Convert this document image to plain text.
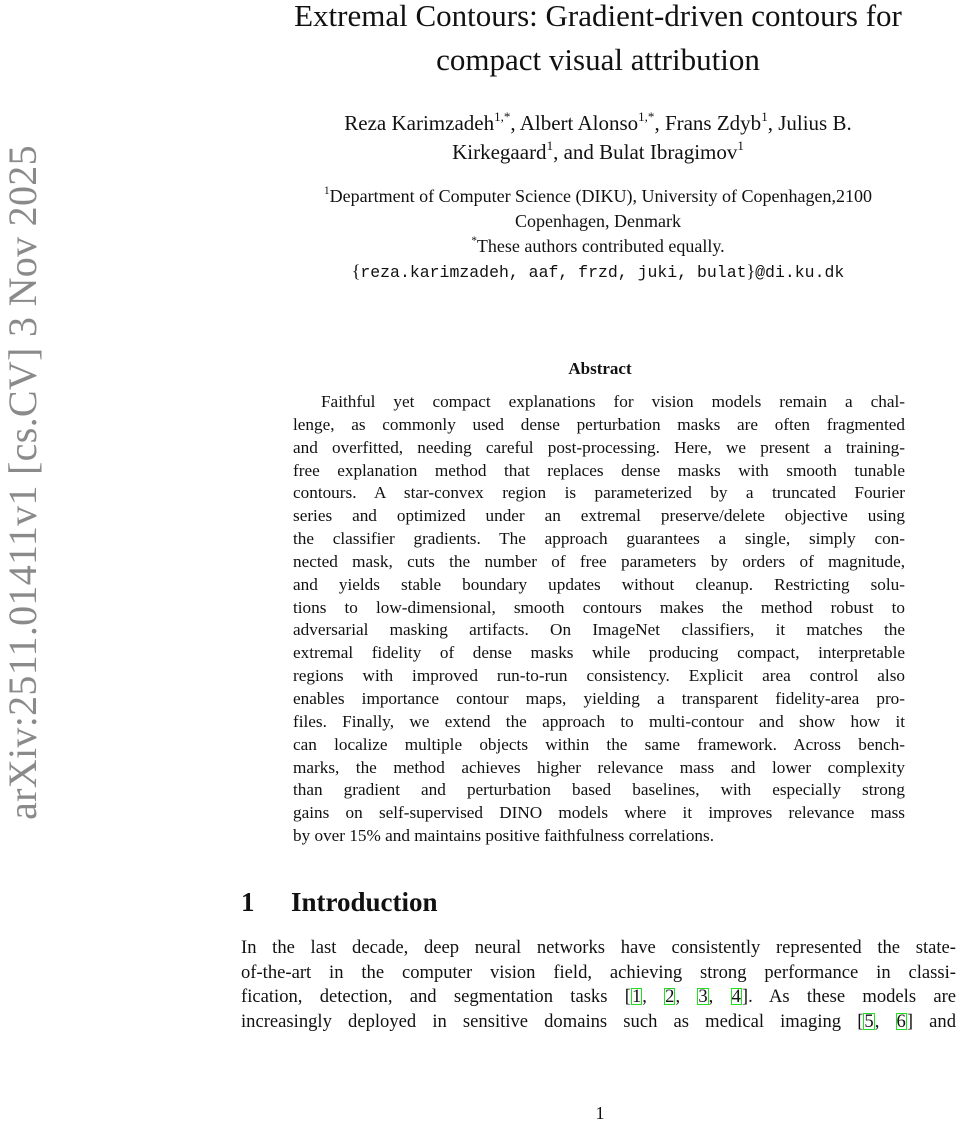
arXiv:2511.01411v1 [cs.CV] 3 Nov 2025
Extremal Contours: Gradient-driven contours for
compact visual attribution

Reza Karimzadeh$^{1,*}$, Albert Alonso$^{1,*}$, Frans Zdyb$^1$, Julius B.
Kirkegaard$^1$, and Bulat Ibragimov$^1$

$^1$Department of Computer Science (DIKU), University of Copenhagen,2100
Copenhagen, Denmark
*These authors contributed equally.
{reza.karimzadeh, aaf, frzd, juki, bulat}@di.ku.dk
Abstract
Faithful yet compact explanations for vision models remain a chal-
lenge, as commonly used dense perturbation masks are often fragmented
and overfitted, needing careful post-processing. Here, we present a training-
free explanation method that replaces dense masks with smooth tunable
contours. A star-convex region is parameterized by a truncated Fourier
series and optimized under an extremal preserve/delete objective using
the classifier gradients. The approach guarantees a single, simply con-
nected mask, cuts the number of free parameters by orders of magnitude,
and yields stable boundary updates without cleanup. Restricting solu-
tions to low-dimensional, smooth contours makes the method robust to
adversarial masking artifacts. On ImageNet classifiers, it matches the
extremal fidelity of dense masks while producing compact, interpretable
regions with improved run-to-run consistency. Explicit area control also
enables importance contour maps, yielding a transparent fidelity-area pro-
files. Finally, we extend the approach to multi-contour and show how it
can localize multiple objects within the same framework. Across bench-
marks, the method achieves higher relevance mass and lower complexity
than gradient and perturbation based baselines, with especially strong
gains on self-supervised DINO models where it improves relevance mass
by over 15% and maintains positive faithfulness correlations.
1 Introduction
In the last decade, deep neural networks have consistently represented the state-
of-the-art in the computer vision field, achieving strong performance in classi-
fication, detection, and segmentation tasks [1, 2, 3, 4]. As these models are
increasingly deployed in sensitive domains such as medical imaging [5, 6] and

1
